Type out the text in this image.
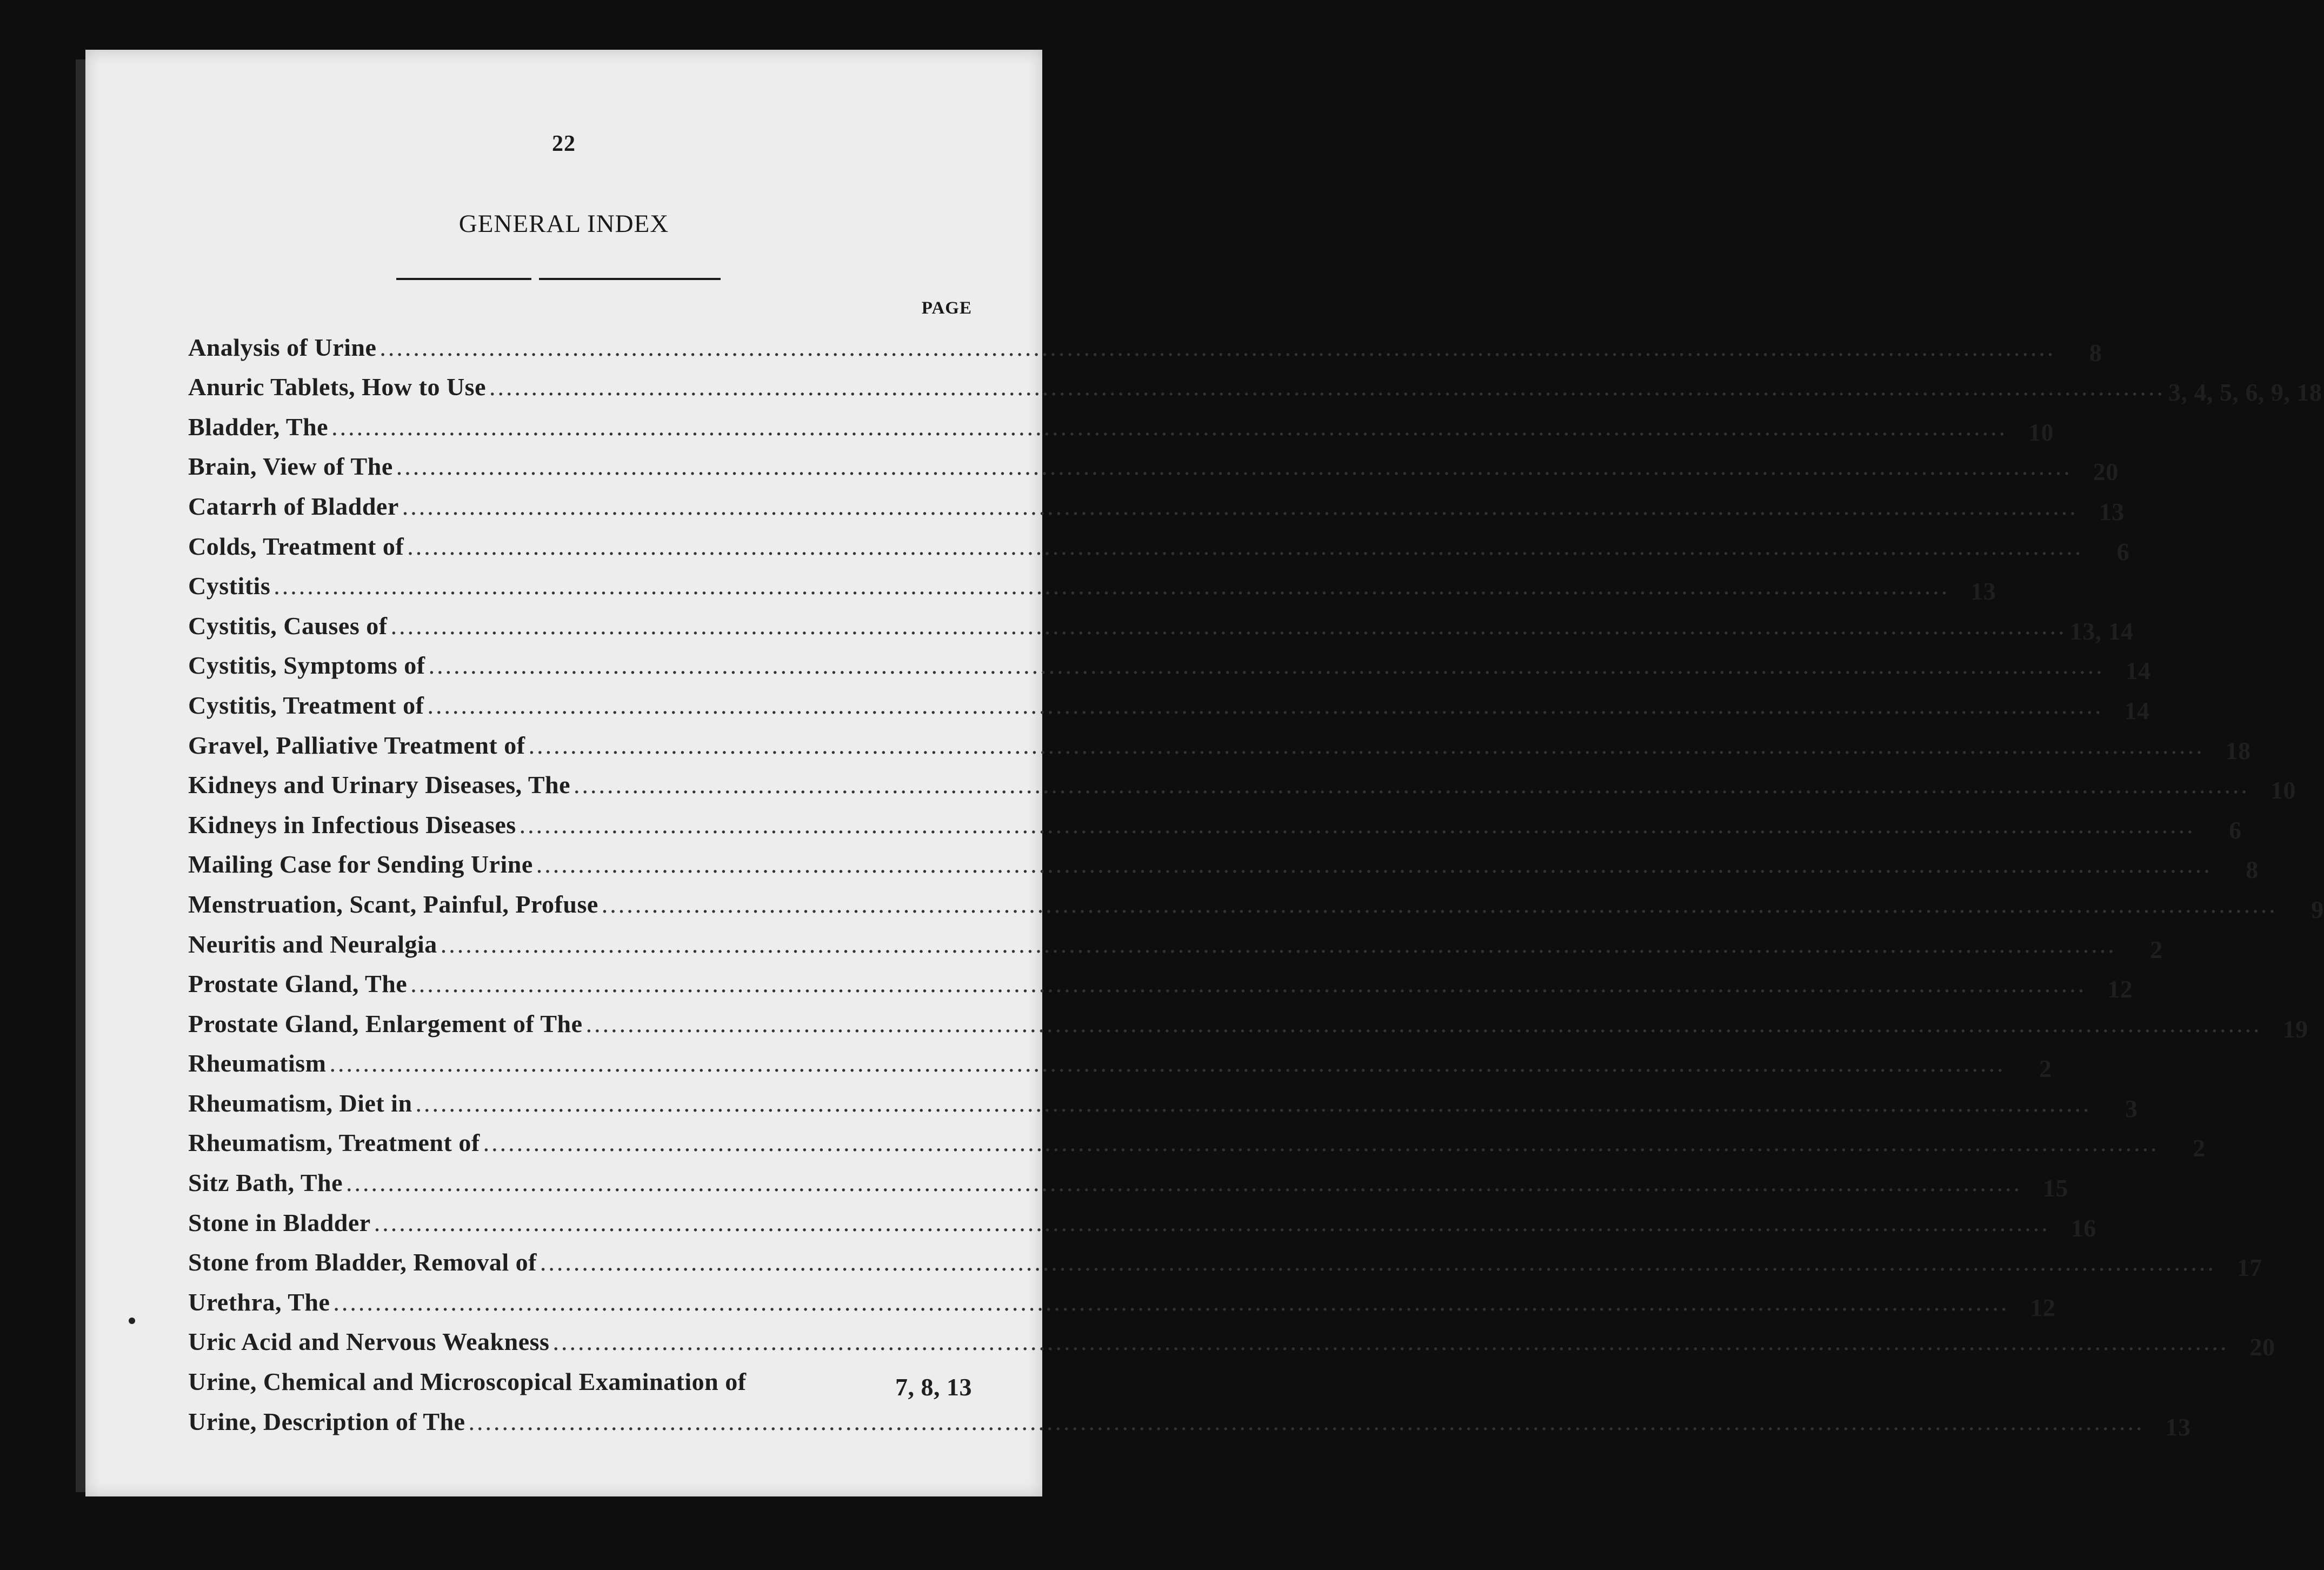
22
GENERAL INDEX
PAGE
Analysis of Urine ........................................................................................................................................................................................................	8
Anuric Tablets, How to Use ........................................................................................................................................................................................................ 3, 4, 5, 6, 9, 18
Bladder, The ........................................................................................................................................................................................................ 10
Brain, View of The ........................................................................................................................................................................................................ 20
Catarrh of Bladder ........................................................................................................................................................................................................ 13
Colds, Treatment of ........................................................................................................................................................................................................	6
Cystitis ........................................................................................................................................................................................................ 13
Cystitis, Causes of ........................................................................................................................................................................................................ 13, 14
Cystitis, Symptoms of ........................................................................................................................................................................................................ 14
Cystitis, Treatment of ........................................................................................................................................................................................................ 14
Gravel, Palliative Treatment of ........................................................................................................................................................................................................ 18
Kidneys and Urinary Diseases, The ........................................................................................................................................................................................................ 10
Kidneys in Infectious Diseases ........................................................................................................................................................................................................	6
Mailing Case for Sending Urine ........................................................................................................................................................................................................	8
Menstruation, Scant, Painful, Profuse ........................................................................................................................................................................................................	9
Neuritis and Neuralgia ........................................................................................................................................................................................................	2
Prostate Gland, The ........................................................................................................................................................................................................ 12
Prostate Gland, Enlargement of The ........................................................................................................................................................................................................ 19
Rheumatism ........................................................................................................................................................................................................	2
Rheumatism, Diet in ........................................................................................................................................................................................................	3
Rheumatism, Treatment of ........................................................................................................................................................................................................	2
Sitz Bath, The ........................................................................................................................................................................................................ 15
Stone in Bladder ........................................................................................................................................................................................................ 16
Stone from Bladder, Removal of ........................................................................................................................................................................................................ 17
Urethra, The ........................................................................................................................................................................................................ 12
Uric Acid and Nervous Weakness ........................................................................................................................................................................................................ 20
Urine, Chemical and Microscopical Examination of	7, 8, 13
Urine, Description of The ........................................................................................................................................................................................................ 13
